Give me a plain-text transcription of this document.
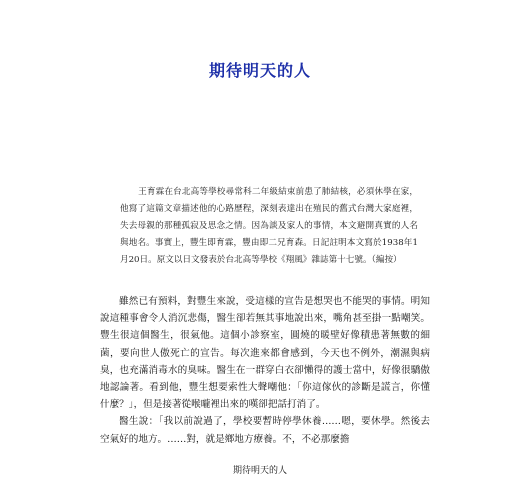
期待明天的人

王育霖在台北高等學校尋常科二年級結束前患了肺結核，必須休學在家，他寫了這篇文章描述他的心路歷程，深刻表達出在殖民的舊式台灣大家庭裡，失去母親的那種孤寂及思念之情。因為談及家人的事情，本文避開真實的人名與地名。事實上，豐生即育霖，豐由即二兄育森。日記註明本文寫於1938年1月20日。原文以日文發表於台北高等學校《翔風》雜誌第十七號。（編按）

雖然已有預料，對豐生來說，受這樣的宣告是想哭也不能哭的事情。明知說這種事會令人消沉悲傷，醫生卻若無其事地說出來，嘴角甚至掛一點嘲笑。豐生很這個醫生，很氣他。這個小診察室，圓燒的暖壁好像積患著無數的細菌，要向世人傲死亡的宣告。每次進來都會感到，今天也不例外，潮濕與病臭，也充滿消毒水的臭味。醫生在一群穿白衣卻懶得的護士當中，好像很驕傲地認論著。看到他，豐生想要索性大聲嘲他：「你這傢伙的診斷是謊言，你懂什麼？」，但是接著從喉嚨裡出來的嘆卻把話打消了。

醫生說：「我以前說過了，學校要暫時停學休養……嗯，要休學。然後去空氣好的地方。……對，就是鄉地方療養。不，不必那麼擔

期待明天的人
